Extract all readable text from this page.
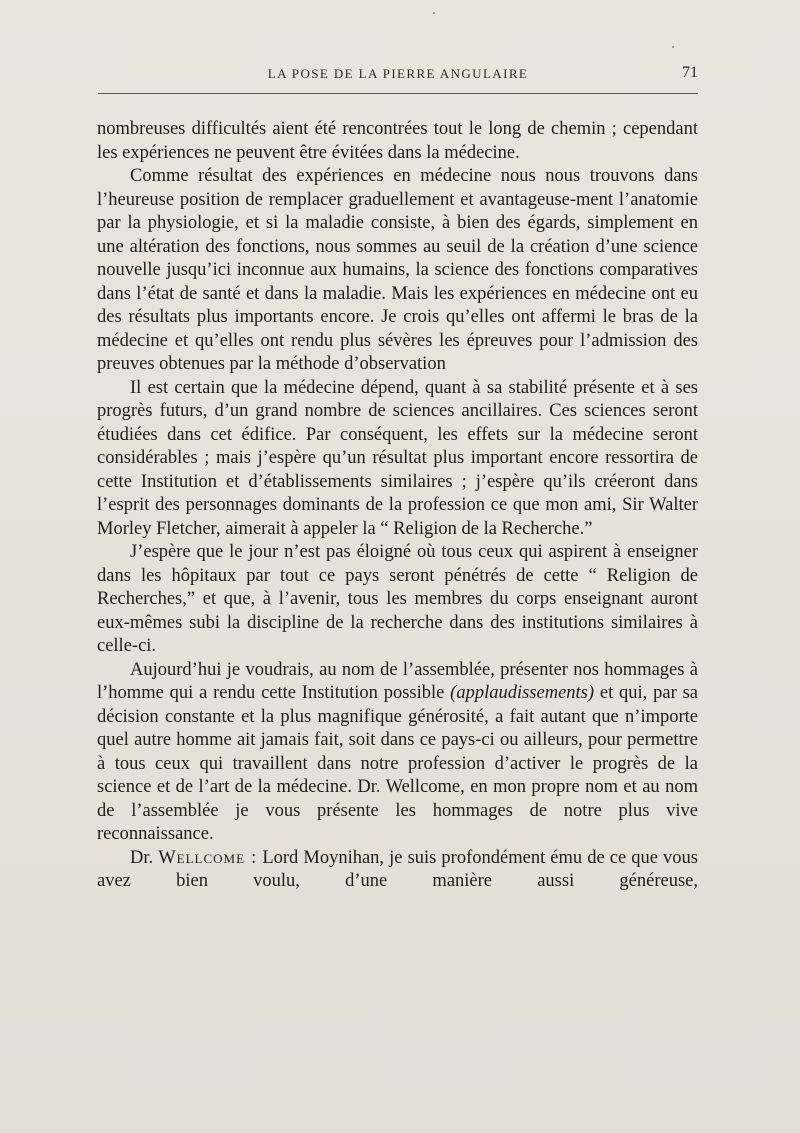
LA POSE DE LA PIERRE ANGULAIRE	71

nombreuses difficultés aient été rencontrées tout le long de chemin ; cependant les expériences ne peuvent être évitées dans la médecine.

Comme résultat des expériences en médecine nous nous trouvons dans l’heureuse position de remplacer graduellement et avantageuse-ment l’anatomie par la physiologie, et si la maladie consiste, à bien des égards, simplement en une altération des fonctions, nous sommes au seuil de la création d’une science nouvelle jusqu’ici inconnue aux humains, la science des fonctions comparatives dans l’état de santé et dans la maladie. Mais les expériences en médecine ont eu des résultats plus importants encore. Je crois qu’elles ont affermi le bras de la médecine et qu’elles ont rendu plus sévères les épreuves pour l’admission des preuves obtenues par la méthode d’observation

Il est certain que la médecine dépend, quant à sa stabilité présente et à ses progrès futurs, d’un grand nombre de sciences ancillaires. Ces sciences seront étudiées dans cet édifice. Par conséquent, les effets sur la médecine seront considérables ; mais j’espère qu’un résultat plus important encore ressortira de cette Institution et d’établissements similaires ; j’espère qu’ils créeront dans l’esprit des personnages dominants de la profession ce que mon ami, Sir Walter Morley Fletcher, aimerait à appeler la “ Religion de la Recherche.”

J’espère que le jour n’est pas éloigné où tous ceux qui aspirent à enseigner dans les hôpitaux par tout ce pays seront pénétrés de cette “ Religion de Recherches,” et que, à l’avenir, tous les membres du corps enseignant auront eux-mêmes subi la discipline de la recherche dans des institutions similaires à celle-ci.

Aujourd’hui je voudrais, au nom de l’assemblée, présenter nos hommages à l’homme qui a rendu cette Institution possible (applaudissements) et qui, par sa décision constante et la plus magnifique générosité, a fait autant que n’importe quel autre homme ait jamais fait, soit dans ce pays-ci ou ailleurs, pour permettre à tous ceux qui travaillent dans notre profession d’activer le progrès de la science et de l’art de la médecine. Dr. Wellcome, en mon propre nom et au nom de l’assemblée je vous présente les hommages de notre plus vive reconnaissance.

Dr. Wellcome : Lord Moynihan, je suis profondément ému de ce que vous avez bien voulu, d’une manière aussi généreuse,
